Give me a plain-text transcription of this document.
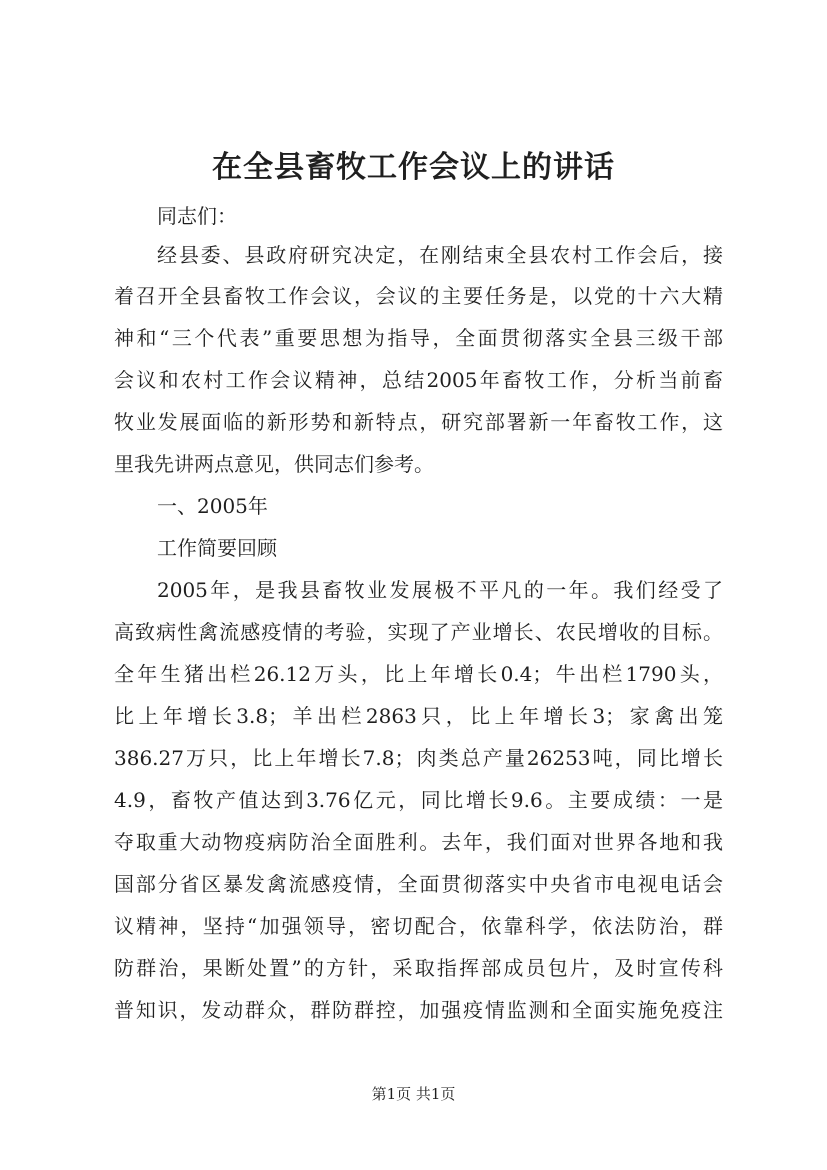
在全县畜牧工作会议上的讲话
同志们：
经县委、县政府研究决定，在刚结束全县农村工作会后，接
着召开全县畜牧工作会议，会议的主要任务是，以党的十六大精
神和“三个代表”重要思想为指导，全面贯彻落实全县三级干部
会议和农村工作会议精神，总结2005年畜牧工作，分析当前畜
牧业发展面临的新形势和新特点，研究部署新一年畜牧工作，这
里我先讲两点意见，供同志们参考。
一、2005年
工作简要回顾
2005年，是我县畜牧业发展极不平凡的一年。我们经受了
高致病性禽流感疫情的考验，实现了产业增长、农民增收的目标。
全年生猪出栏26.12万头，比上年增长0.4；牛出栏1790头，
比上年增长3.8；羊出栏2863只，比上年增长3；家禽出笼
386.27万只，比上年增长7.8；肉类总产量26253吨，同比增长
4.9，畜牧产值达到3.76亿元，同比增长9.6。主要成绩：一是
夺取重大动物疫病防治全面胜利。去年，我们面对世界各地和我
国部分省区暴发禽流感疫情，全面贯彻落实中央省市电视电话会
议精神，坚持“加强领导，密切配合，依靠科学，依法防治，群
防群治，果断处置”的方针，采取指挥部成员包片，及时宣传科
普知识，发动群众，群防群控，加强疫情监测和全面实施免疫注
第1页 共1页
